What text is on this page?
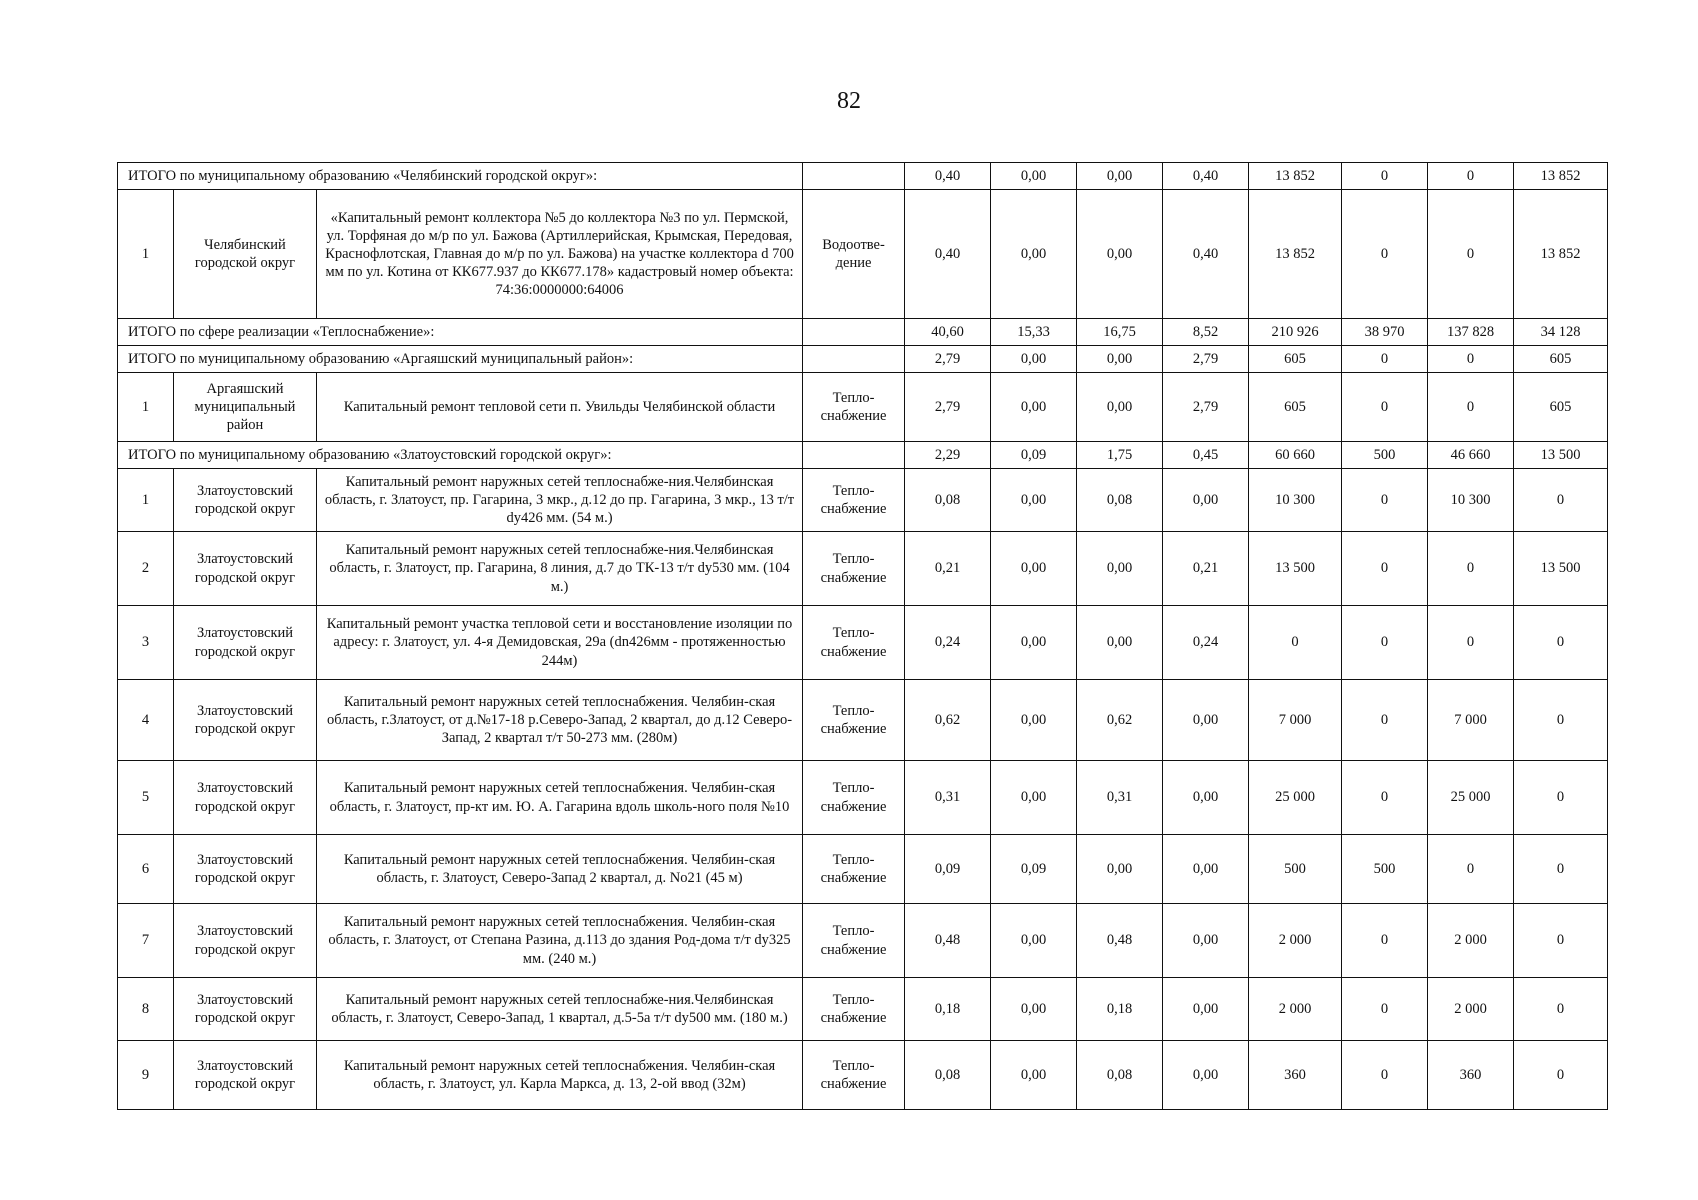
82
ИТОГО по муниципальному образованию «Челябинский городской округ»:				0,40	0,00	0,00	0,40	13 852	0	0	13 852
1	Челябинский городской округ	«Капитальный ремонт коллектора №5 до коллектора №3 по ул. Пермской, ул. Торфяная до м/р по ул. Бажова (Артиллерийская, Крымская, Передовая, Краснофлотская, Главная до м/р по ул. Бажова) на участке коллектора d 700 мм по ул. Котина от КК677.937 до КК677.178» кадастровый номер объекта: 74:36:0000000:64006	Водоотве-дение	0,40	0,00	0,00	0,40	13 852	0	0	13 852
ИТОГО по сфере реализации «Теплоснабжение»:				40,60	15,33	16,75	8,52	210 926	38 970	137 828	34 128
ИТОГО по муниципальному образованию «Аргаяшский муниципальный район»:				2,79	0,00	0,00	2,79	605	0	0	605
1	Аргаяшский муниципальный район	Капитальный ремонт тепловой сети п. Увильды Челябинской области	Тепло-снабжение	2,79	0,00	0,00	2,79	605	0	0	605
ИТОГО по муниципальному образованию «Златоустовский городской округ»:				2,29	0,09	1,75	0,45	60 660	500	46 660	13 500
1	Златоустовский городской округ	Капитальный ремонт наружных сетей теплоснабже-ния.Челябинская область, г. Златоуст, пр. Гагарина, 3 мкр., д.12 до пр. Гагарина, 3 мкр., 13 т/т dy426 мм. (54 м.)	Тепло-снабжение	0,08	0,00	0,08	0,00	10 300	0	10 300	0
2	Златоустовский городской округ	Капитальный ремонт наружных сетей теплоснабже-ния.Челябинская область, г. Златоуст, пр. Гагарина, 8 линия, д.7 до ТК-13 т/т dy530 мм. (104 м.)	Тепло-снабжение	0,21	0,00	0,00	0,21	13 500	0	0	13 500
3	Златоустовский городской округ	Капитальный ремонт участка тепловой сети и восстановление изоляции по адресу: г. Златоуст, ул. 4-я Демидовская, 29а (dn426мм - протяженностью 244м)	Тепло-снабжение	0,24	0,00	0,00	0,24	0	0	0	0
4	Златоустовский городской округ	Капитальный ремонт наружных сетей теплоснабжения. Челябин-ская область, г.Златоуст, от д.№17-18 р.Северо-Запад, 2 квартал, до д.12 Северо-Запад, 2 квартал т/т 50-273 мм. (280м)	Тепло-снабжение	0,62	0,00	0,62	0,00	7 000	0	7 000	0
5	Златоустовский городской округ	Капитальный ремонт наружных сетей теплоснабжения. Челябин-ская область, г. Златоуст, пр-кт им. Ю. А. Гагарина вдоль школь-ного поля №10	Тепло-снабжение	0,31	0,00	0,31	0,00	25 000	0	25 000	0
6	Златоустовский городской округ	Капитальный ремонт наружных сетей теплоснабжения. Челябин-ская область, г. Златоуст, Северо-Запад 2 квартал, д. No21 (45 м)	Тепло-снабжение	0,09	0,09	0,00	0,00	500	500	0	0
7	Златоустовский городской округ	Капитальный ремонт наружных сетей теплоснабжения. Челябин-ская область, г. Златоуст, от Степана Разина, д.113 до здания Род-дома т/т dy325 мм. (240 м.)	Тепло-снабжение	0,48	0,00	0,48	0,00	2 000	0	2 000	0
8	Златоустовский городской округ	Капитальный ремонт наружных сетей теплоснабже-ния.Челябинская область, г. Златоуст, Северо-Запад, 1 квартал, д.5-5а т/т dy500 мм. (180 м.)	Тепло-снабжение	0,18	0,00	0,18	0,00	2 000	0	2 000	0
9	Златоустовский городской округ	Капитальный ремонт наружных сетей теплоснабжения. Челябин-ская область, г. Златоуст, ул. Карла Маркса, д. 13, 2-ой ввод (32м)	Тепло-снабжение	0,08	0,00	0,08	0,00	360	0	360	0
